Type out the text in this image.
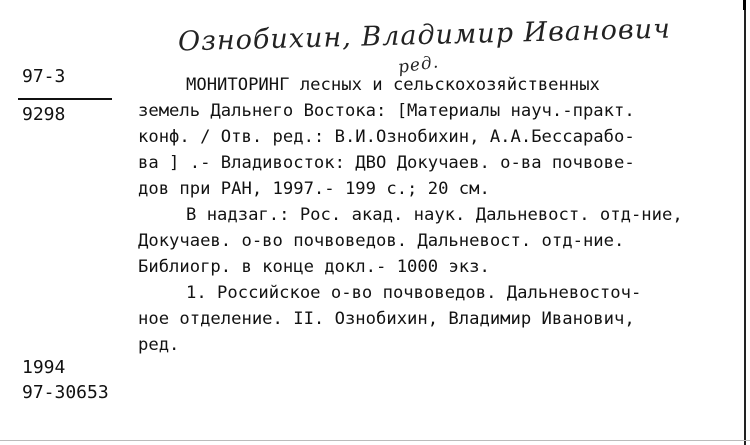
Ознобихин, Владимир Иванович
ред.
97-3
9298
МОНИТОРИНГ лесных и сельскохозяйственных
земель Дальнего Востока: [Материалы науч.-практ.
конф. / Отв. ред.: В.И.Ознобихин, А.А.Бессарабо-
ва ] .- Владивосток: ДВО Докучаев. о-ва почвове-
дов при РАН, 1997.- 199 с.; 20 см.
В надзаг.: Рос. акад. наук. Дальневост. отд-ние,
Докучаев. о-во почвоведов. Дальневост. отд-ние.
Библиогр. в конце докл.- 1000 экз.
1. Российское о-во почвоведов. Дальневосточ-
ное отделение. II. Ознобихин, Владимир Иванович,
ред.
1994
97-30653
